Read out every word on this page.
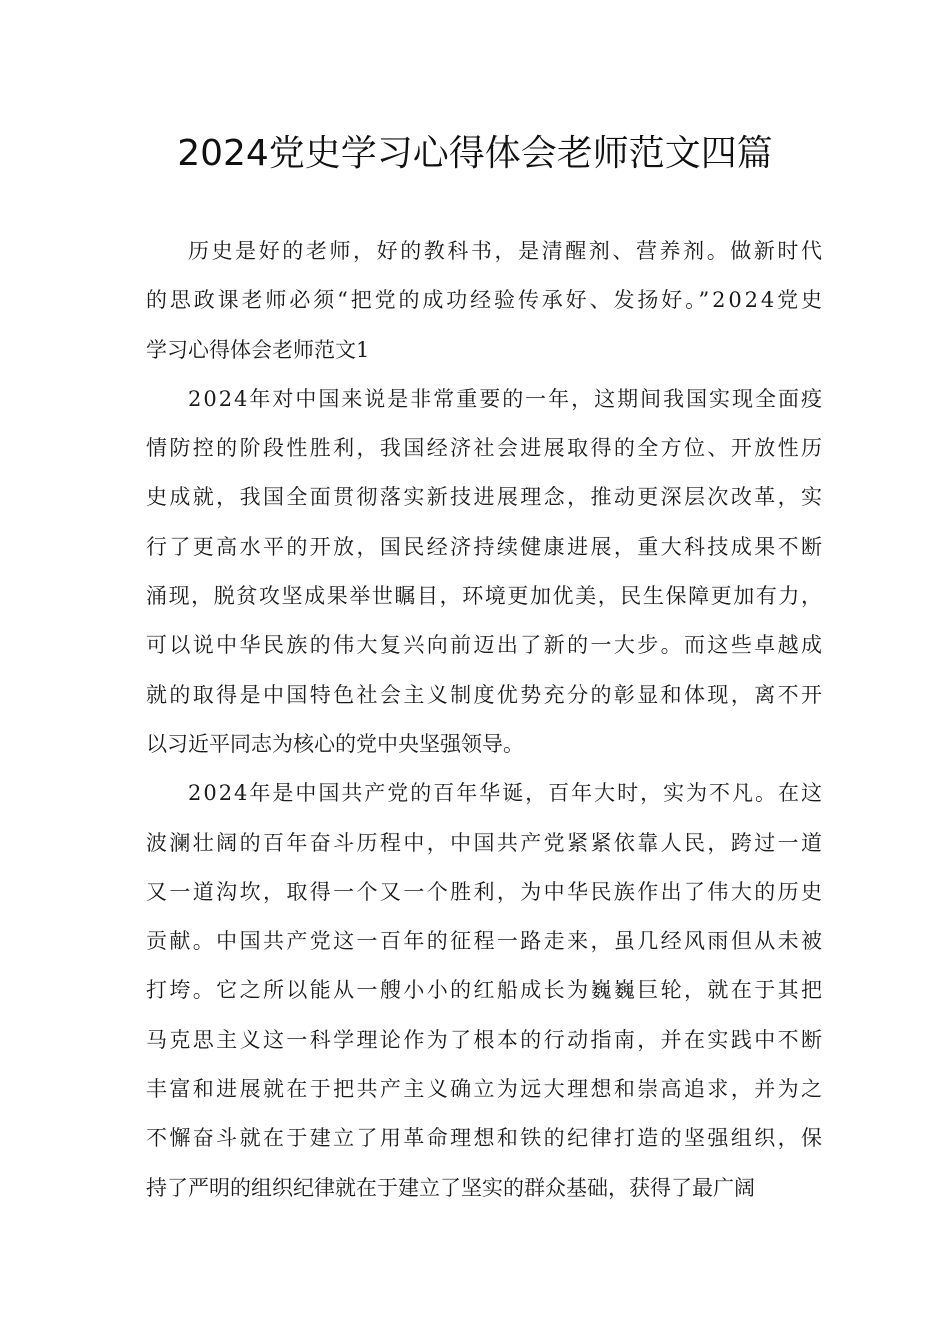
2024党史学习心得体会老师范文四篇
历史是好的老师，好的教科书，是清醒剂、营养剂。做新时代
的思政课老师必须“把党的成功经验传承好、发扬好。”2024党史
学习心得体会老师范文1
2024年对中国来说是非常重要的一年，这期间我国实现全面疫
情防控的阶段性胜利，我国经济社会进展取得的全方位、开放性历
史成就，我国全面贯彻落实新技进展理念，推动更深层次改革，实
行了更高水平的开放，国民经济持续健康进展，重大科技成果不断
涌现，脱贫攻坚成果举世瞩目，环境更加优美，民生保障更加有力，
可以说中华民族的伟大复兴向前迈出了新的一大步。而这些卓越成
就的取得是中国特色社会主义制度优势充分的彰显和体现，离不开
以习近平同志为核心的党中央坚强领导。
2024年是中国共产党的百年华诞，百年大时，实为不凡。在这
波澜壮阔的百年奋斗历程中，中国共产党紧紧依靠人民，跨过一道
又一道沟坎，取得一个又一个胜利，为中华民族作出了伟大的历史
贡献。中国共产党这一百年的征程一路走来，虽几经风雨但从未被
打垮。它之所以能从一艘小小的红船成长为巍巍巨轮，就在于其把
马克思主义这一科学理论作为了根本的行动指南，并在实践中不断
丰富和进展就在于把共产主义确立为远大理想和崇高追求，并为之
不懈奋斗就在于建立了用革命理想和铁的纪律打造的坚强组织，保
持了严明的组织纪律就在于建立了坚实的群众基础，获得了最广阔
